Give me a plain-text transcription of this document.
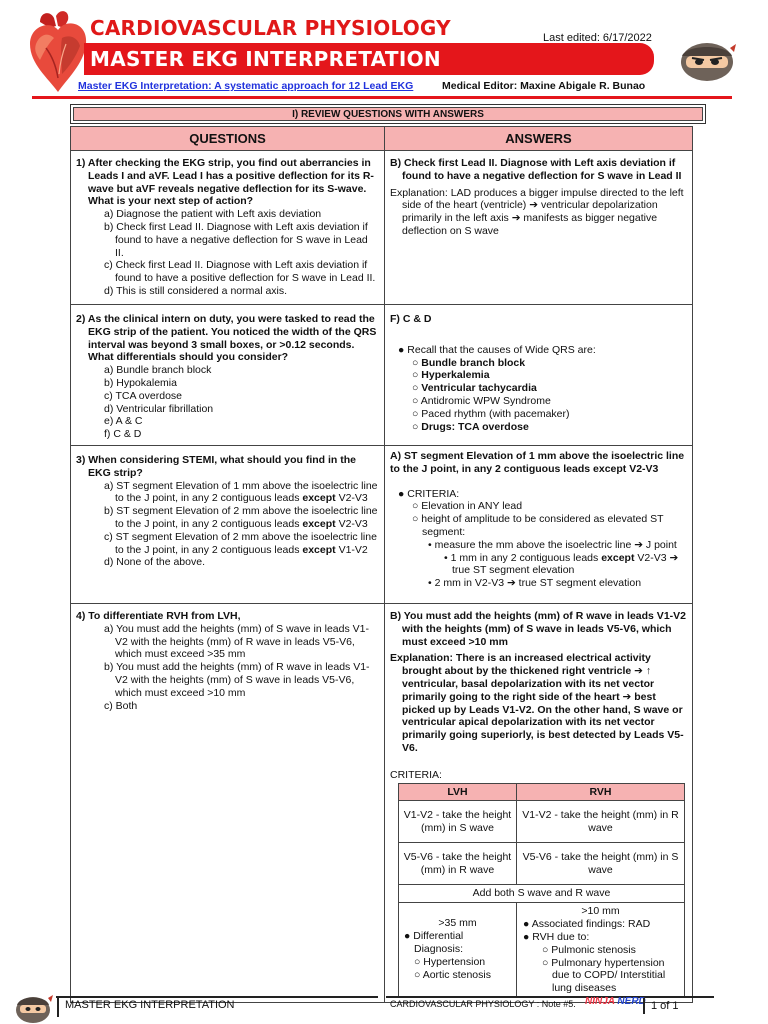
CARDIOVASCULAR PHYSIOLOGY
MASTER EKG INTERPRETATION
Last edited: 6/17/2022
Master EKG Interpretation: A systematic approach for 12 Lead EKG	Medical Editor: Maxine Abigale R. Bunao
I) REVIEW QUESTIONS WITH ANSWERS
QUESTIONS	ANSWERS

1) After checking the EKG strip, you find out aberrancies in Leads I and aVF. Lead I has a positive deflection for its R-wave but aVF reveals negative deflection for its S-wave. What is your next step of action?
a) Diagnose the patient with Left axis deviation
b) Check first Lead II. Diagnose with Left axis deviation if found to have a negative deflection for S wave in Lead II.
c) Check first Lead II. Diagnose with Left axis deviation if found to have a positive deflection for S wave in Lead II.
d) This is still considered a normal axis.

B) Check first Lead II. Diagnose with Left axis deviation if found to have a negative deflection for S wave in Lead II
Explanation: LAD produces a bigger impulse directed to the left side of the heart (ventricle) ➔ ventricular depolarization primarily in the left axis ➔ manifests as bigger negative deflection on S wave

2) As the clinical intern on duty, you were tasked to read the EKG strip of the patient. You noticed the width of the QRS interval was beyond 3 small boxes, or >0.12 seconds. What differentials should you consider?
a) Bundle branch block
b) Hypokalemia
c) TCA overdose
d) Ventricular fibrillation
e) A & C
f) C & D

F) C & D
● Recall that the causes of Wide QRS are:
○ Bundle branch block
○ Hyperkalemia
○ Ventricular tachycardia
○ Antidromic WPW Syndrome
○ Paced rhythm (with pacemaker)
○ Drugs: TCA overdose

3) When considering STEMI, what should you find in the EKG strip?
a) ST segment Elevation of 1 mm above the isoelectric line to the J point, in any 2 contiguous leads except V2-V3
b) ST segment Elevation of 2 mm above the isoelectric line to the J point, in any 2 contiguous leads except V2-V3
c) ST segment Elevation of 2 mm above the isoelectric line to the J point, in any 2 contiguous leads except V1-V2
d) None of the above.

A) ST segment Elevation of 1 mm above the isoelectric line to the J point, in any 2 contiguous leads except V2-V3
● CRITERIA:
○ Elevation in ANY lead
○ height of amplitude to be considered as elevated ST segment:
• measure the mm above the isoelectric line ➔ J point
• 1 mm in any 2 contiguous leads except V2-V3 ➔ true ST segment elevation
• 2 mm in V2-V3 ➔ true ST segment elevation

4) To differentiate RVH from LVH,
a) You must add the heights (mm) of S wave in leads V1-V2 with the heights (mm) of R wave in leads V5-V6, which must exceed >35 mm
b) You must add the heights (mm) of R wave in leads V1-V2 with the heights (mm) of S wave in leads V5-V6, which must exceed >10 mm
c) Both

B) You must add the heights (mm) of R wave in leads V1-V2 with the heights (mm) of S wave in leads V5-V6, which must exceed >10 mm
Explanation: There is an increased electrical activity brought about by the thickened right ventricle ➔ ↑ ventricular, basal depolarization with its net vector primarily going to the right side of the heart ➔ best picked up by Leads V1-V2. On the other hand, S wave or ventricular apical depolarization with its net vector primarily going superiorly, is best detected by Leads V5-V6.
CRITERIA:
LVH	RVH
V1-V2 - take the height (mm) in S wave	V1-V2 - take the height (mm) in R wave
V5-V6 - take the height (mm) in R wave	V5-V6 - take the height (mm) in S wave
Add both S wave and R wave

>35 mm
● Differential Diagnosis:
○ Hypertension
○ Aortic stenosis

>10 mm
● Associated findings: RAD
● RVH due to:
○ Pulmonic stenosis
○ Pulmonary hypertension due to COPD/ Interstitial lung diseases
MASTER EKG INTERPRETATION	CARDIOVASCULAR PHYSIOLOGY : Note #5. NINJA NERD 1 of 1
